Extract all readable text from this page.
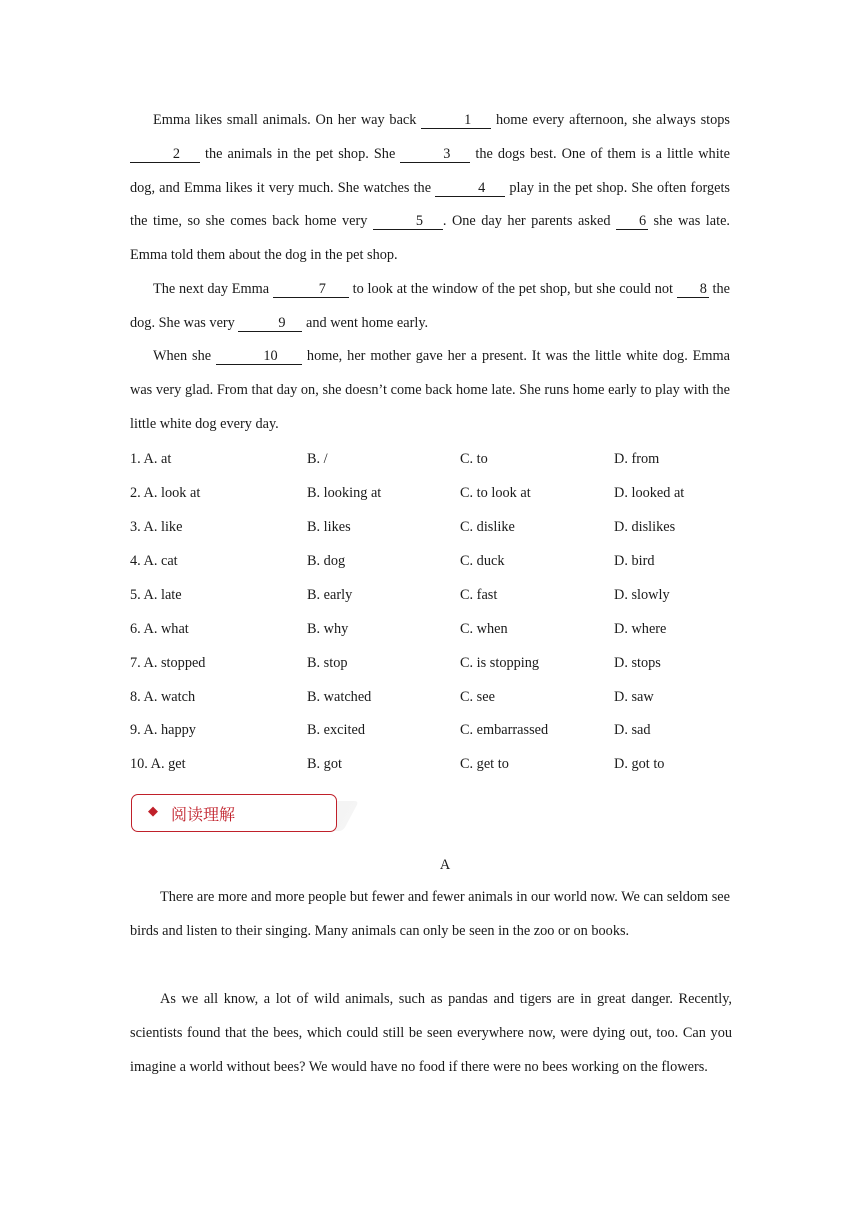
Emma likes small animals. On her way back	1 home every afternoon, she always stops 2 the animals in the pet shop. She	3 the dogs best. One of them is a little white dog, and Emma likes it very much. She watches the	4 play in the pet shop. She often forgets the time, so she comes back home very	5 . One day her parents asked 6 she was late. Emma told them about the dog in the pet shop.

The next day Emma	7 to look at the window of the pet shop, but she could not 8 the dog. She was very	9 and went home early.

When she	10 home, her mother gave her a present. It was the little white dog. Emma was very glad. From that day on, she doesn’t come back home late. She runs home early to play with the little white dog every day.

1. A. at	B. /	C. to	D. from
2. A. look at	B. looking at	C. to look at	D. looked at
3. A. like	B. likes	C. dislike	D. dislikes
4. A. cat	B. dog	C. duck	D. bird
5. A. late	B. early	C. fast	D. slowly
6. A. what	B. why	C. when	D. where
7. A. stopped	B. stop	C. is stopping	D. stops
8. A. watch	B. watched	C. see	D. saw
9. A. happy	B. excited	C. embarrassed	D. sad
10. A. get	B. got	C. get to	D. got to
◆ 阅读理解
A

There are more and more people but fewer and fewer animals in our world now. We can seldom see birds and listen to their singing. Many animals can only be seen in the zoo or on books.

As we all know, a lot of wild animals, such as pandas and tigers are in great danger. Recently, scientists found that the bees, which could still be seen everywhere now, were dying out, too. Can you imagine a world without bees? We would have no food if there were no bees working on the flowers.
